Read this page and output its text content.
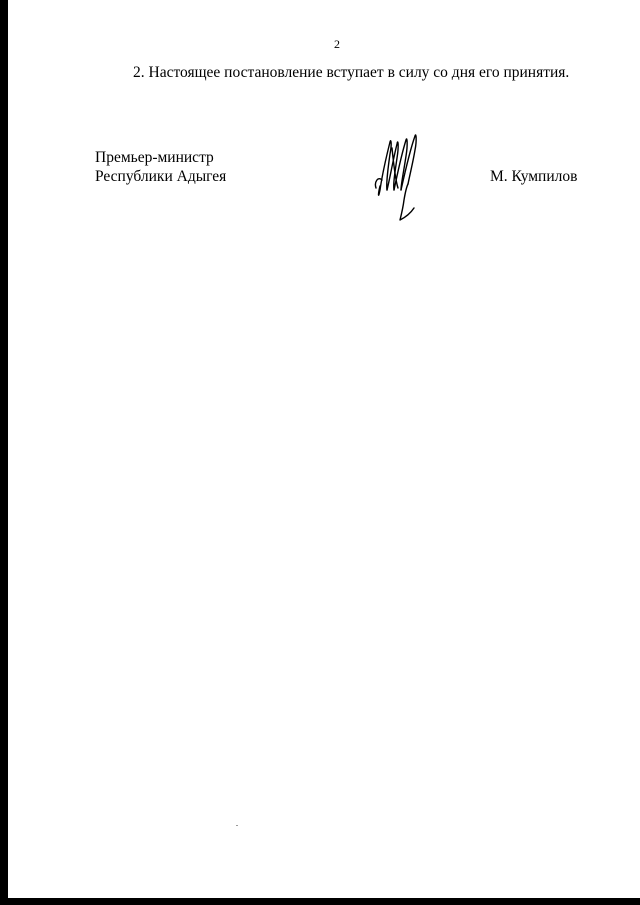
2
2. Настоящее постановление вступает в силу со дня его принятия.
Премьер-министр
Республики Адыгея	М. Кумпилов
